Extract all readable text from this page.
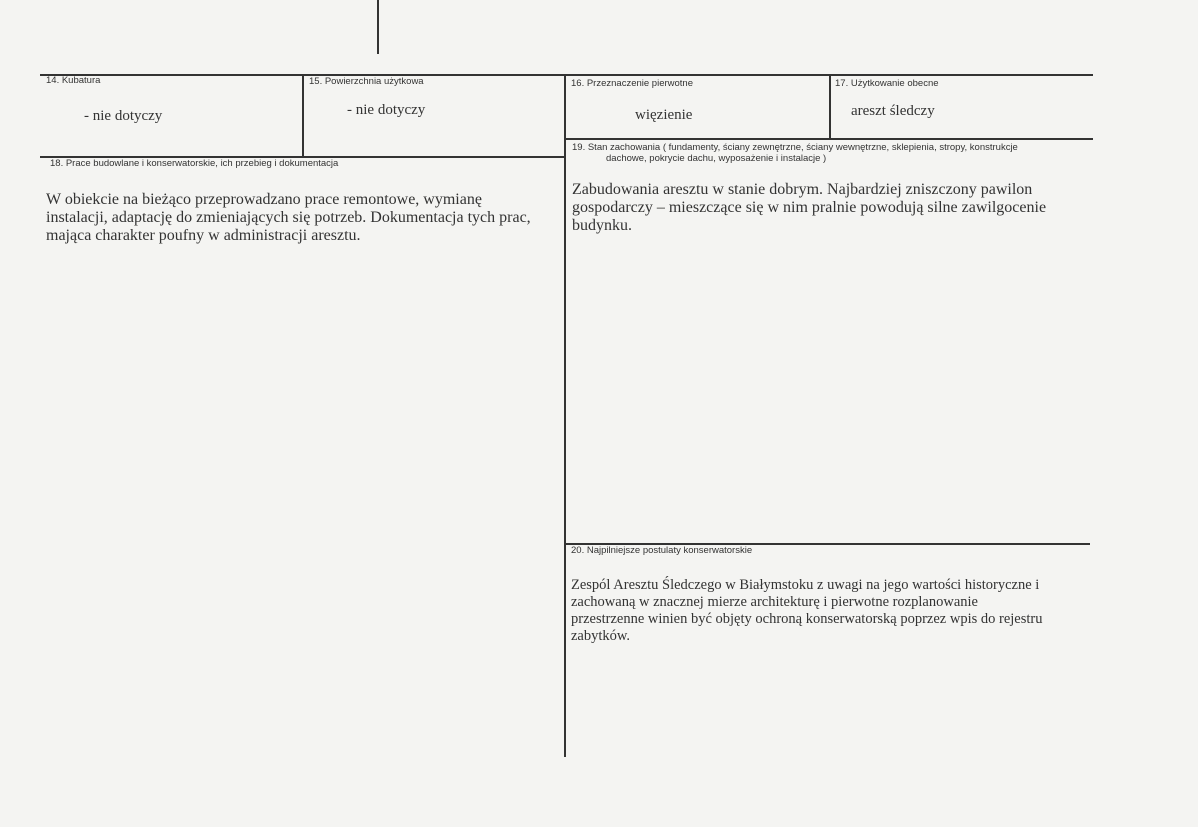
14. Kubatura
- nie dotyczy
15. Powierzchnia użytkowa
- nie dotyczy
16. Przeznaczenie pierwotne
więzienie
17. Użytkowanie obecne
areszt śledczy
18. Prace budowlane i konserwatorskie, ich przebieg i dokumentacja
W obiekcie na bieżąco przeprowadzano prace remontowe, wymianę
instalacji, adaptację do zmieniających się potrzeb. Dokumentacja tych prac,
mająca charakter poufny w administracji aresztu.
19. Stan zachowania ( fundamenty, ściany zewnętrzne, ściany wewnętrzne, sklepienia, stropy, konstrukcje
dachowe, pokrycie dachu, wyposażenie i instalacje )
Zabudowania aresztu w stanie dobrym. Najbardziej zniszczony pawilon
gospodarczy – mieszczące się w nim pralnie powodują silne zawilgocenie
budynku.
20. Najpilniejsze postulaty konserwatorskie
Zespól Aresztu Śledczego w Białymstoku z uwagi na jego wartości historyczne i
zachowaną w znacznej mierze architekturę i pierwotne rozplanowanie
przestrzenne winien być objęty ochroną konserwatorską poprzez wpis do rejestru
zabytków.
